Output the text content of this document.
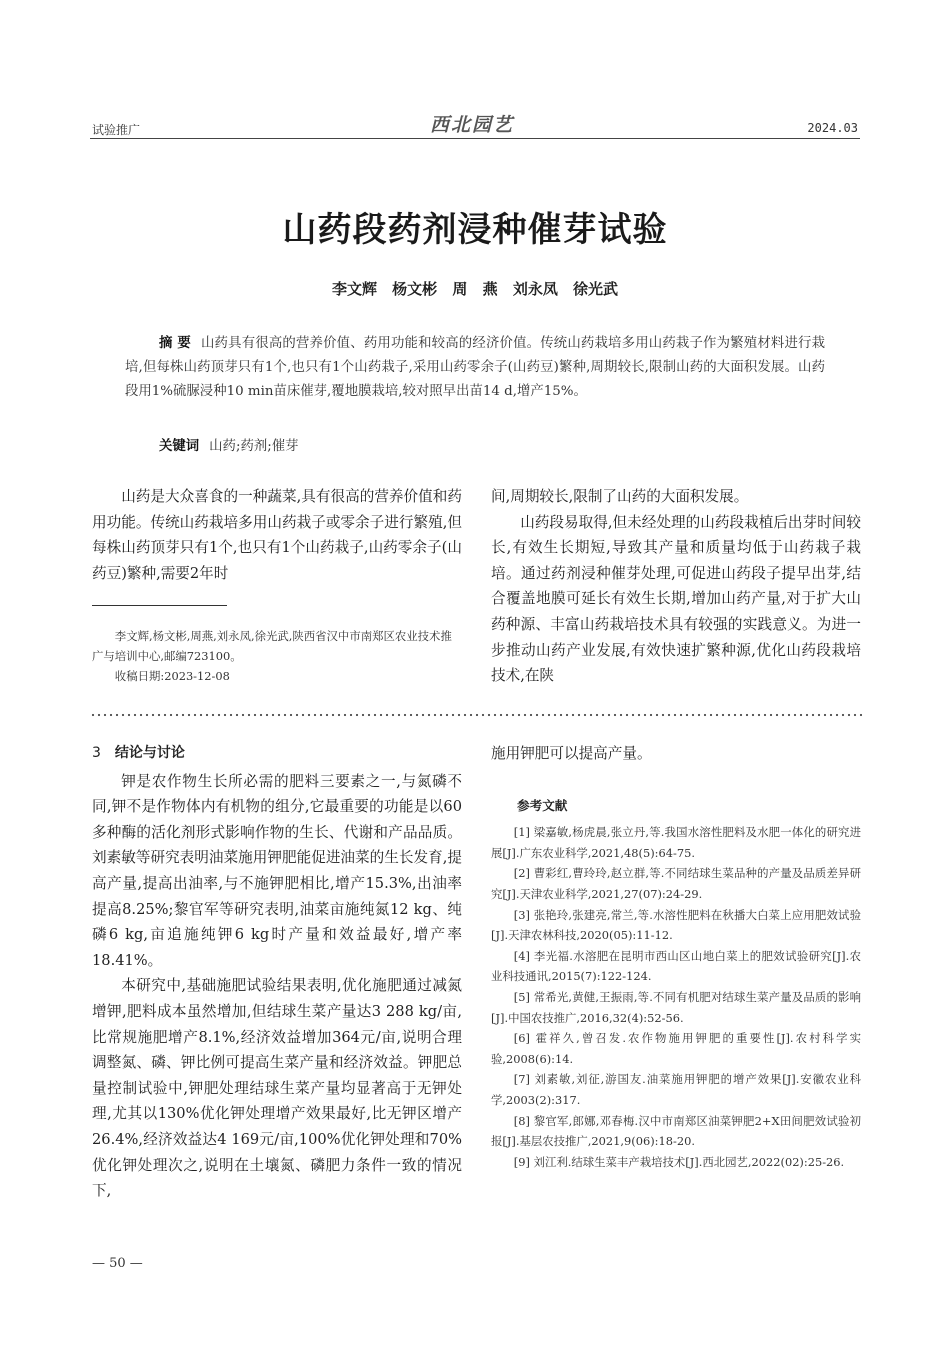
试验推广	西北园艺	2024.03
山药段药剂浸种催芽试验
李文辉 杨文彬 周 燕 刘永凤 徐光武
摘 要 山药具有很高的营养价值、药用功能和较高的经济价值。传统山药栽培多用山药栽子作为繁殖材料进行栽培,但每株山药顶芽只有1个,也只有1个山药栽子,采用山药零余子(山药豆)繁种,周期较长,限制山药的大面积发展。山药段用1%硫脲浸种10 min苗床催芽,覆地膜栽培,较对照早出苗14 d,增产15%。
关键词 山药;药剂;催芽

山药是大众喜食的一种蔬菜,具有很高的营养价值和药用功能。传统山药栽培多用山药栽子或零余子进行繁殖,但每株山药顶芽只有1个,也只有1个山药栽子,山药零余子(山药豆)繁种,需要2年时

间,周期较长,限制了山药的大面积发展。

山药段易取得,但未经处理的山药段栽植后出芽时间较长,有效生长期短,导致其产量和质量均低于山药栽子栽培。通过药剂浸种催芽处理,可促进山药段子提早出芽,结合覆盖地膜可延长有效生长期,增加山药产量,对于扩大山药种源、丰富山药栽培技术具有较强的实践意义。为进一步推动山药产业发展,有效快速扩繁种源,优化山药段栽培技术,在陕

李文辉,杨文彬,周燕,刘永凤,徐光武,陕西省汉中市南郑区农业技术推广与培训中心,邮编723100。

收稿日期:2023-12-08

3 结论与讨论

钾是农作物生长所必需的肥料三要素之一,与氮磷不同,钾不是作物体内有机物的组分,它最重要的功能是以60多种酶的活化剂形式影响作物的生长、代谢和产品品质。刘素敏等研究表明油菜施用钾肥能促进油菜的生长发育,提高产量,提高出油率,与不施钾肥相比,增产15.3%,出油率提高8.25%;黎官军等研究表明,油菜亩施纯氮12 kg、纯磷6 kg,亩追施纯钾6 kg时产量和效益最好,增产率18.41%。

本研究中,基础施肥试验结果表明,优化施肥通过减氮增钾,肥料成本虽然增加,但结球生菜产量达3 288 kg/亩,比常规施肥增产8.1%,经济效益增加364元/亩,说明合理调整氮、磷、钾比例可提高生菜产量和经济效益。钾肥总量控制试验中,钾肥处理结球生菜产量均显著高于无钾处理,尤其以130%优化钾处理增产效果最好,比无钾区增产26.4%,经济效益达4 169元/亩,100%优化钾处理和70%优化钾处理次之,说明在土壤氮、磷肥力条件一致的情况下,

施用钾肥可以提高产量。

参考文献

[1] 梁嘉敏,杨虎晨,张立丹,等.我国水溶性肥料及水肥一体化的研究进展[J].广东农业科学,2021,48(5):64-75.

[2] 曹彩红,曹玲玲,赵立群,等.不同结球生菜品种的产量及品质差异研究[J].天津农业科学,2021,27(07):24-29.

[3] 张艳玲,张建亮,常兰,等.水溶性肥料在秋播大白菜上应用肥效试验[J].天津农林科技,2020(05):11-12.

[4] 李光福.水溶肥在昆明市西山区山地白菜上的肥效试验研究[J].农业科技通讯,2015(7):122-124.

[5] 常希光,黄健,王振雨,等.不同有机肥对结球生菜产量及品质的影响[J].中国农技推广,2016,32(4):52-56.

[6] 霍祥久,曾召发.农作物施用钾肥的重要性[J].农村科学实验,2008(6):14.

[7] 刘素敏,刘征,游国友.油菜施用钾肥的增产效果[J].安徽农业科学,2003(2):317.

[8] 黎官军,郎娜,邓春梅.汉中市南郑区油菜钾肥2+X田间肥效试验初报[J].基层农技推广,2021,9(06):18-20.

[9] 刘江利.结球生菜丰产栽培技术[J].西北园艺,2022(02):25-26.

— 50 —
